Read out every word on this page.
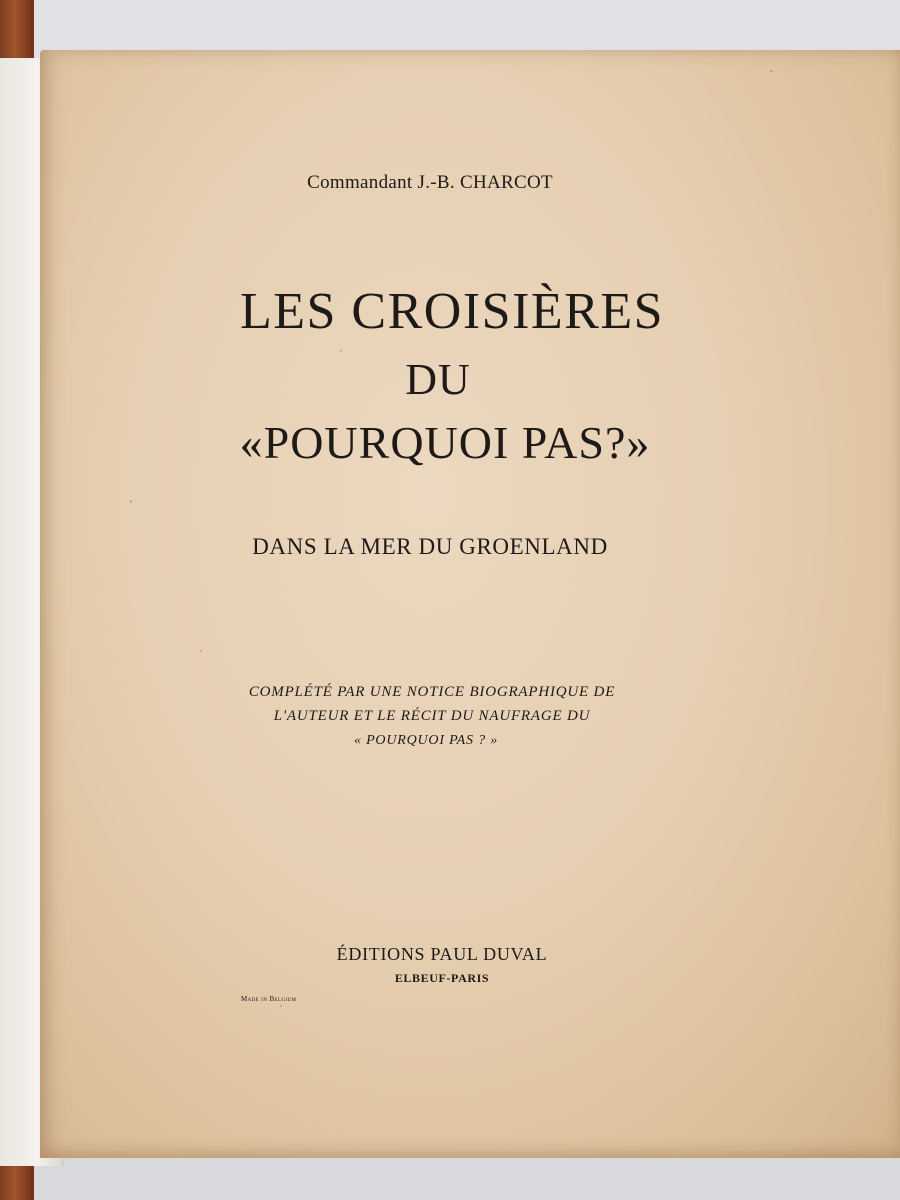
Commandant J.-B. CHARCOT
LES CROISIÈRES
DU
«POURQUOI PAS?»
DANS LA MER DU GROENLAND
COMPLÉTÉ PAR UNE NOTICE BIOGRAPHIQUE DE
L'AUTEUR ET LE RÉCIT DU NAUFRAGE DU
« POURQUOI PAS ? »
ÉDITIONS PAUL DUVAL
ELBEUF-PARIS
Made in Belgium
